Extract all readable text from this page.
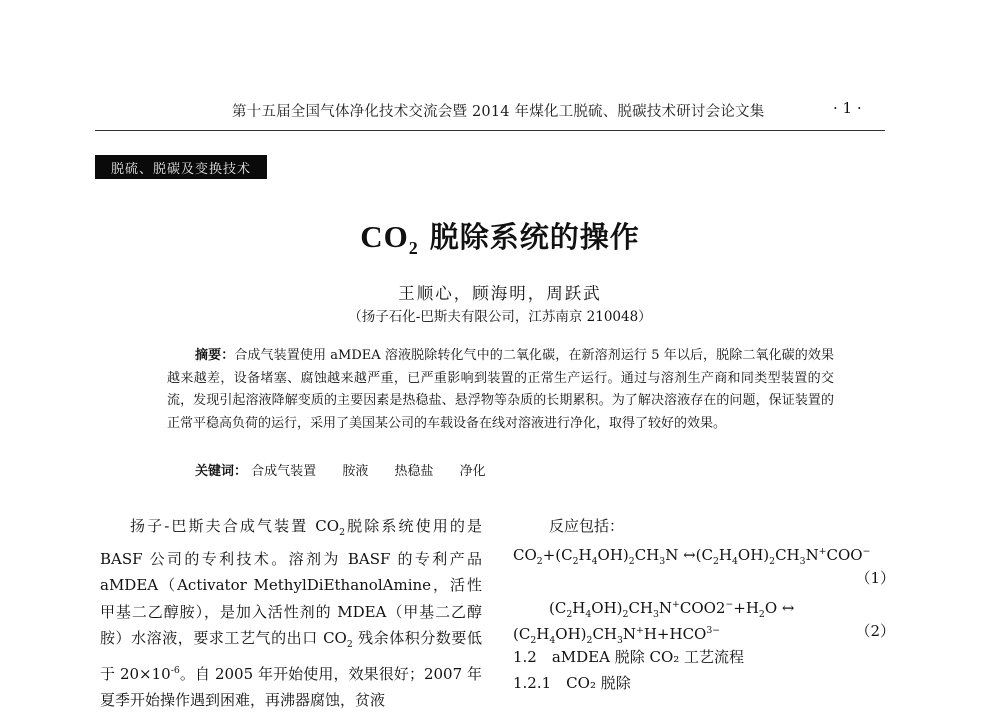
第十五届全国气体净化技术交流会暨 2014 年煤化工脱硫、脱碳技术研讨会论文集	· 1 ·
脱硫、脱碳及变换技术
$CO_2$ 脱除系统的操作
王顺心，顾海明，周跃武
（扬子石化-巴斯夫有限公司，江苏南京 210048）
摘要：合成气装置使用 aMDEA 溶液脱除转化气中的二氧化碳，在新溶剂运行 5 年以后，脱除二氧化碳的效果越来越差，设备堵塞、腐蚀越来越严重，已严重影响到装置的正常生产运行。通过与溶剂生产商和同类型装置的交流，发现引起溶液降解变质的主要因素是热稳盐、悬浮物等杂质的长期累积。为了解决溶液存在的问题，保证装置的正常平稳高负荷的运行，采用了美国某公司的车载设备在线对溶液进行净化，取得了较好的效果。
关键词： 合成气装置 胺液 热稳盐 净化

扬子-巴斯夫合成气装置 $CO_2$脱除系统使用的是 BASF 公司的专利技术。溶剂为 BASF 的专利产品 aMDEA（Activator MethylDiEthanolAmine，活性甲基二乙醇胺），是加入活性剂的 MDEA（甲基二乙醇胺）水溶液，要求工艺气的出口 $CO_2$ 残余体积分数要低于 $20\times 10^{-6}$。自 2005 年开始使用，效果很好；2007 年夏季开始操作遇到困难，再沸器腐蚀，贫液

反应包括：
$CO_2+(C_2H_4OH)_2CH_3N$ $\leftrightarrow(C_2H_4OH)_2CH_3N^+COO^-$
（1）
$(C_2H_4OH)_2CH_3N^+COO2^-+H_2O$ ↔
$(C_2H_4OH)_2CH_3N^+H+HCO^{3-}$	（2）
1.2　aMDEA 脱除 CO₂ 工艺流程
1.2.1　CO₂ 脱除
